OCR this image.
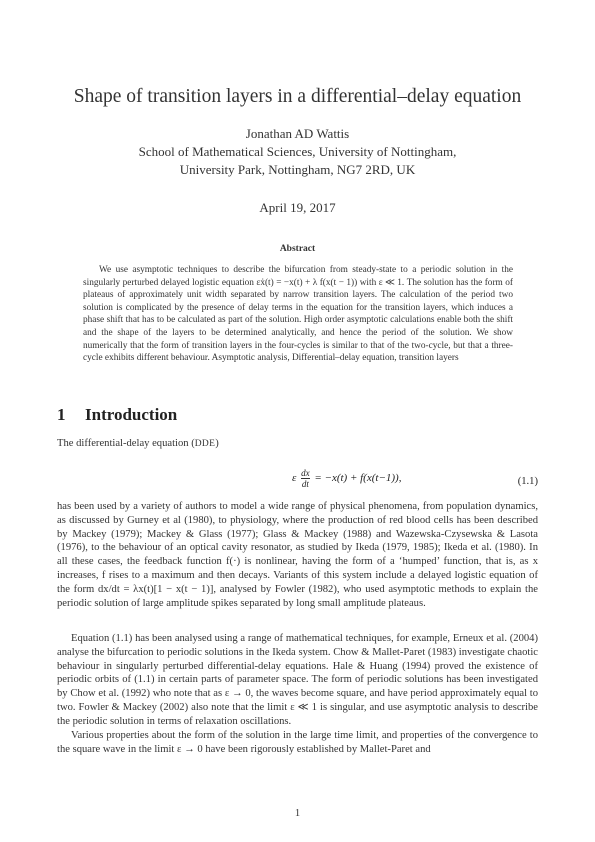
Shape of transition layers in a differential–delay equation
Jonathan AD Wattis
School of Mathematical Sciences, University of Nottingham,
University Park, Nottingham, NG7 2RD, UK
April 19, 2017
Abstract
We use asymptotic techniques to describe the bifurcation from steady-state to a periodic solution in the singularly perturbed delayed logistic equation εẋ(t) = −x(t) + λ f(x(t − 1)) with ε ≪ 1. The solution has the form of plateaus of approximately unit width separated by narrow transition layers. The calculation of the period two solution is complicated by the presence of delay terms in the equation for the transition layers, which induces a phase shift that has to be calculated as part of the solution. High order asymptotic calculations enable both the shift and the shape of the layers to be determined analytically, and hence the period of the solution. We show numerically that the form of transition layers in the four-cycles is similar to that of the two-cycle, but that a three-cycle exhibits different behaviour. Asymptotic analysis, Differential–delay equation, transition layers
1 Introduction
The differential-delay equation (DDE)
ε $\frac{dx}{dt} = -x(t) + f(x(t-1))$,	(1.1)
has been used by a variety of authors to model a wide range of physical phenomena, from population dynamics, as discussed by Gurney et al (1980), to physiology, where the production of red blood cells has been described by Mackey (1979); Mackey & Glass (1977); Glass & Mackey (1988) and Wazewska-Czysewska & Lasota (1976), to the behaviour of an optical cavity resonator, as studied by Ikeda (1979, 1985); Ikeda et al. (1980). In all these cases, the feedback function f(·) is nonlinear, having the form of a ‘humped’ function, that is, as x increases, f rises to a maximum and then decays. Variants of this system include a delayed logistic equation of the form dx/dt = λx(t)[1 − x(t − 1)], analysed by Fowler (1982), who used asymptotic methods to explain the periodic solution of large amplitude spikes separated by long small amplitude plateaus.
Equation (1.1) has been analysed using a range of mathematical techniques, for example, Erneux et al. (2004) analyse the bifurcation to periodic solutions in the Ikeda system. Chow & Mallet-Paret (1983) investigate chaotic behaviour in singularly perturbed differential-delay equations. Hale & Huang (1994) proved the existence of periodic orbits of (1.1) in certain parts of parameter space. The form of periodic solutions has been investigated by Chow et al. (1992) who note that as ε → 0, the waves become square, and have period approximately equal to two. Fowler & Mackey (2002) also note that the limit ε ≪ 1 is singular, and use asymptotic analysis to describe the periodic solution in terms of relaxation oscillations.
Various properties about the form of the solution in the large time limit, and properties of the convergence to the square wave in the limit ε → 0 have been rigorously established by Mallet-Paret and
1
